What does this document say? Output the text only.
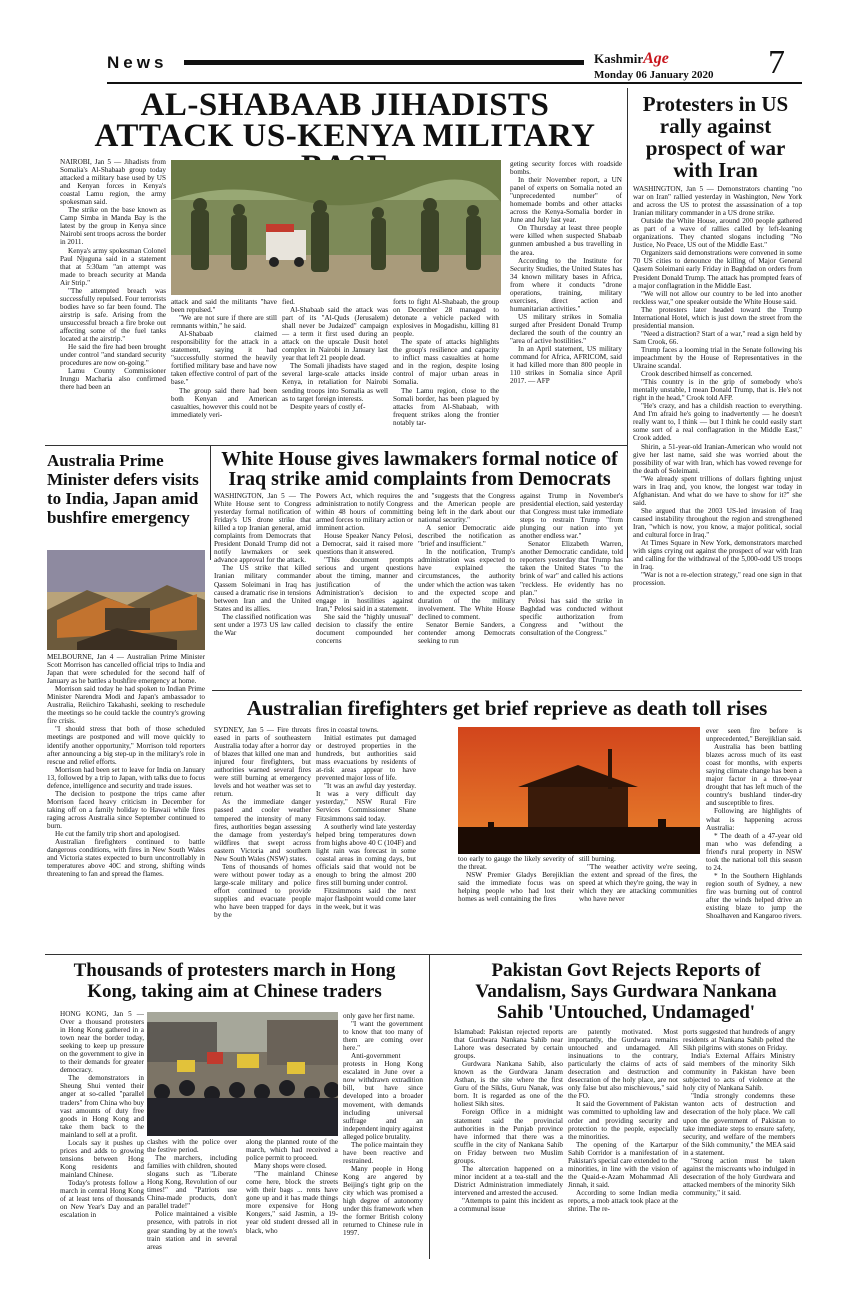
News	KashmirAge
Monday 06 January 2020 7
AL-SHABAAB JIHADISTS
ATTACK US-KENYA MILITARY

NAIROBI, Jan 5 — Jihadists from Somalia's Al-Shabaab group today attacked a military base used by US and Kenyan forces in Kenya's coastal Lamu region, the army spokesman said.

The strike on the base known as Camp Simba in Manda Bay is the latest by the group in Kenya since Nairobi sent troops across the border in 2011.

Kenya's army spokesman Colonel Paul Njuguna said in a statement that at 5:30am "an attempt was made to breach security at Manda Air Strip."

"The attempted breach was successfully repulsed. Four terrorists bodies have so far been found. The airstrip is safe. Arising from the unsuccessful breach a fire broke out affecting some of the fuel tanks located at the airstrip."

He said the fire had been brought under control "and standard security procedures are now on-going."

Lamu County Commissioner Irungu Macharia also confirmed there had been an

attack and said the militants "have been repulsed."

"We are not sure if there are still remnants within," he said.

Al-Shabaab claimed responsibility for the attack in a statement, saying it had "successfully stormed the heavily fortified military base and have now taken effective control of part of the base."

The group said there had been both Kenyan and American casualties, however this could not be immediately veri-

fied.

Al-Shabaab said the attack was part of its "Al-Quds (Jerusalem) shall never be Judaized" campaign — a term it first used during an attack on the upscale Dusit hotel complex in Nairobi in January last year that left 21 people dead.

The Somali jihadists have staged several large-scale attacks inside Kenya, in retaliation for Nairobi sending troops into Somalia as well as to target foreign interests.

Despite years of costly ef-

forts to fight Al-Shabaab, the group on December 28 managed to detonate a vehicle packed with explosives in Mogadishu, killing 81 people.

The spate of attacks highlights the group's resilience and capacity to inflict mass casualties at home and in the region, despite losing control of major urban areas in Somalia.

The Lamu region, close to the Somali border, has been plagued by attacks from Al-Shabaab, with frequent strikes along the frontier notably tar-

geting security forces with roadside bombs.

In their November report, a UN panel of experts on Somalia noted an "unprecedented number" of homemade bombs and other attacks across the Kenya-Somalia border in June and July last year.

On Thursday at least three people were killed when suspected Shabaab gunmen ambushed a bus travelling in the area.

According to the Institute for Security Studies, the United States has 34 known military bases in Africa, from where it conducts "drone operations, training, military exercises, direct action and humanitarian activities."

US military strikes in Somalia surged after President Donald Trump declared the south of the country an "area of active hostilities."

In an April statement, US military command for Africa, AFRICOM, said it had killed more than 800 people in 110 strikes in Somalia since April 2017. — AFP

Protesters in US rally against prospect of war with Iran

WASHINGTON, Jan 5 — Demonstrators chanting "no war on Iran" rallied yesterday in Washington, New York and across the US to protest the assassination of a top Iranian military commander in a US drone strike.

Outside the White House, around 200 people gathered as part of a wave of rallies called by left-leaning organizations. They chanted slogans including "No Justice, No Peace, US out of the Middle East."

Organizers said demonstrations were convened in some 70 US cities to denounce the killing of Major General Qasem Soleimani early Friday in Baghdad on orders from President Donald Trump. The attack has prompted fears of a major conflagration in the Middle East.

"We will not allow our country to be led into another reckless war," one speaker outside the White House said.

The protesters later headed toward the Trump International Hotel, which is just down the street from the presidential mansion.

"Need a distraction? Start of a war," read a sign held by Sam Crook, 66.

Trump faces a looming trial in the Senate following his impeachment by the House of Representatives in the Ukraine scandal.

Crook described himself as concerned.

"This country is in the grip of somebody who's mentally unstable, I mean Donald Trump, that is. He's not right in the head," Crook told AFP.

"He's crazy, and has a childish reaction to everything. And I'm afraid he's going to inadvertently — he doesn't really want to, I think — but I think he could easily start some sort of a real conflagration in the Middle East," Crook added.

Shirin, a 51-year-old Iranian-American who would not give her last name, said she was worried about the possibility of war with Iran, which has vowed revenge for the death of Soleimani.

"We already spent trillions of dollars fighting unjust wars in Iraq and, you know, the longest war today in Afghanistan. And what do we have to show for it?" she said.

She argued that the 2003 US-led invasion of Iraq caused instability throughout the region and strengthened Iran, "which is now, you know, a major political, social and cultural force in Iraq."

At Times Square in New York, demonstrators marched with signs crying out against the prospect of war with Iran and calling for the withdrawal of the 5,000-odd US troops in Iraq.

"War is not a re-election strategy," read one sign in that procession.

Australia Prime Minister defers visits to India, Japan amid bushfire emergency

MELBOURNE, Jan 4 — Australian Prime Minister Scott Morrison has cancelled official trips to India and Japan that were scheduled for the second half of January as he battles a bushfire emergency at home.

Morrison said today he had spoken to Indian Prime Minister Narendra Modi and Japan's ambassador to Australia, Reiichiro Takahashi, seeking to reschedule the meetings so he could tackle the country's growing fire crisis.

"I should stress that both of those scheduled meetings are postponed and will move quickly to identify another opportunity," Morrison told reporters after announcing a big step-up in the military's role in rescue and relief efforts.

Morrison had been set to leave for India on January 13, followed by a trip to Japan, with talks due to focus defence, intelligence and security and trade issues.

The decision to postpone the trips came after Morrison faced heavy criticism in December for taking off on a family holiday to Hawaii while fires raging across Australia since September continued to burn.

He cut the family trip short and apologised.

Australian firefighters continued to battle dangerous conditions, with fires in New South Wales and Victoria states expected to burn uncontrollably in temperatures above 40C and strong, shifting winds threatening to fan and spread the flames.

White House gives lawmakers formal notice of
Iraq strike amid complaints from Democrats

WASHINGTON, Jan 5 — The White House sent to Congress yesterday formal notification of Friday's US drone strike that killed a top Iranian general, amid complaints from Democrats that President Donald Trump did not notify lawmakers or seek advance approval for the attack.

The US strike that killed Iranian military commander Qassem Soleimani in Iraq has caused a dramatic rise in tensions between Iran and the United States and its allies.

The classified notification was sent under a 1973 US law called the War

Powers Act, which requires the administration to notify Congress within 48 hours of committing armed forces to military action or imminent action.

House Speaker Nancy Pelosi, a Democrat, said it raised more questions than it answered.

"This document prompts serious and urgent questions about the timing, manner and justification of the Administration's decision to engage in hostilities against Iran," Pelosi said in a statement.

She said the "highly unusual" decision to classify the entire document compounded her concerns

and "suggests that the Congress and the American people are being left in the dark about our national security."

A senior Democratic aide described the notification as "brief and insufficient."

In the notification, Trump's administration was expected to have explained the circumstances, the authority under which the action was taken and the expected scope and duration of the military involvement. The White House declined to comment.

Senator Bernie Sanders, a contender among Democrats seeking to run

against Trump in November's presidential election, said yesterday that Congress must take immediate steps to restrain Trump "from plunging our nation into yet another endless war."

Senator Elizabeth Warren, another Democratic candidate, told reporters yesterday that Trump has taken the United States "to the brink of war" and called his actions "reckless. He evidently has no plan."

Pelosi has said the strike in Baghdad was conducted without specific authorization from Congress and "without the consultation of the Congress."

Australian firefighters get brief reprieve as death toll rises

SYDNEY, Jan 5 — Fire threats eased in parts of southeastern Australia today after a horror day of blazes that killed one man and injured four firefighters, but authorities warned several fires were still burning at emergency levels and hot weather was set to return.

As the immediate danger passed and cooler weather tempered the intensity of many fires, authorities began assessing the damage from yesterday's wildfires that swept across eastern Victoria and southern New South Wales (NSW) states.

Tens of thousands of homes were without power today as a large-scale military and police effort continued to provide supplies and evacuate people who have been trapped for days by the

fires in coastal towns.

Initial estimates put damaged or destroyed properties in the hundreds, but authorities said mass evacuations by residents of at-risk areas appear to have prevented major loss of life.

"It was an awful day yesterday. It was a very difficult day yesterday," NSW Rural Fire Services Commissioner Shane Fitzsimmons said today.

A southerly wind late yesterday helped bring temperatures down from highs above 40 C (104F) and light rain was forecast in some coastal areas in coming days, but officials said that would not be enough to bring the almost 200 fires still burning under control.

Fitzsimmons said the next major flashpoint would come later in the week, but it was

too early to gauge the likely severity of the threat.

NSW Premier Gladys Berejiklian said the immediate focus was on helping people who had lost their homes as well containing the fires

still burning.

"The weather activity we're seeing, the extent and spread of the fires, the speed at which they're going, the way in which they are attacking communities who have never

ever seen fire before is unprecedented," Berejiklian said.

Australia has been battling blazes across much of its east coast for months, with experts saying climate change has been a major factor in a three-year drought that has left much of the country's bushland tinder-dry and susceptible to fires.

Following are highlights of what is happening across Australia:

* The death of a 47-year old man who was defending a friend's rural property in NSW took the national toll this season to 24.

* In the Southern Highlands region south of Sydney, a new fire was burning out of control after the winds helped drive an existing blaze to jump the Shoalhaven and Kangaroo rivers.

Thousands of protesters march in Hong Kong, taking aim at Chinese traders

HONG KONG, Jan 5 — Over a thousand protesters in Hong Kong gathered in a town near the border today, seeking to keep up pressure on the government to give in to their demands for greater democracy.

The demonstrators in Sheung Shui vented their anger at so-called "parallel traders" from China who buy vast amounts of duty free goods in Hong Kong and take them back to the mainland to sell at a profit.

Locals say it pushes up prices and adds to growing tensions between Hong Kong residents and mainland Chinese.

Today's protests follow a march in central Hong Kong of at least tens of thousands on New Year's Day and an escalation in

clashes with the police over the festive period.

The marchers, including families with children, shouted slogans such as "Liberate Hong Kong, Revolution of our times!" and "Patriots use China-made products, don't parallel trade!"

Police maintained a visible presence, with patrols in riot gear standing by at the town's train station and in several areas

along the planned route of the march, which had received a police permit to proceed.

Many shops were closed.

"The mainland Chinese come here, block the streets with their bags ... rents have gone up and it has made things more expensive for Hong Kongers," said Jasmin, a 19-year old student dressed all in black, who

only gave her first name.

"I want the government to know that too many of them are coming over here."

Anti-government protests in Hong Kong escalated in June over a now withdrawn extradition bill, but have since developed into a broader movement, with demands including universal suffrage and an independent inquiry against alleged police brutality.

The police maintain they have been reactive and restrained.

Many people in Hong Kong are angered by Beijing's tight grip on the city which was promised a high degree of autonomy under this framework when the former British colony returned to Chinese rule in 1997.

Pakistan Govt Rejects Reports of Vandalism, Says Gurdwara Nankana Sahib 'Untouched, Undamaged'

Islamabad: Pakistan rejected reports that Gurdwara Nankana Sahib near Lahore was desecrated by certain groups.

Gurdwara Nankana Sahib, also known as the Gurdwara Janam Asthan, is the site where the first Guru of the Sikhs, Guru Nanak, was born. It is regarded as one of the holiest Sikh sites.

Foreign Office in a midnight statement said the provincial authorities in the Punjab province have informed that there was a scuffle in the city of Nankana Sahib on Friday between two Muslim groups.

The altercation happened on a minor incident at a tea-stall and the District Administration immediately intervened and arrested the accused.

"Attempts to paint this incident as a communal issue

are patently motivated. Most importantly, the Gurdwara remains untouched and undamaged. All insinuations to the contrary, particularly the claims of acts of desecration and destruction and desecration of the holy place, are not only false but also mischievous," said the FO.

It said the Government of Pakistan was committed to upholding law and order and providing security and protection to the people, especially the minorities.

The opening of the Kartarpur Sahib Corridor is a manifestation of Pakistan's special care extended to the minorities, in line with the vision of the Quaid-e-Azam Mohammad Ali Jinnah, it said.

According to some Indian media reports, a mob attack took place at the shrine. The re-

ports suggested that hundreds of angry residents at Nankana Sahib pelted the Sikh pilgrims with stones on Friday.

India's External Affairs Ministry said members of the minority Sikh community in Pakistan have been subjected to acts of violence at the holy city of Nankana Sahib.

"India strongly condemns these wanton acts of destruction and desecration of the holy place. We call upon the government of Pakistan to take immediate steps to ensure safety, security, and welfare of the members of the Sikh community," the MEA said in a statement.

"Strong action must be taken against the miscreants who indulged in desecration of the holy Gurdwara and attacked members of the minority Sikh community," it said.
